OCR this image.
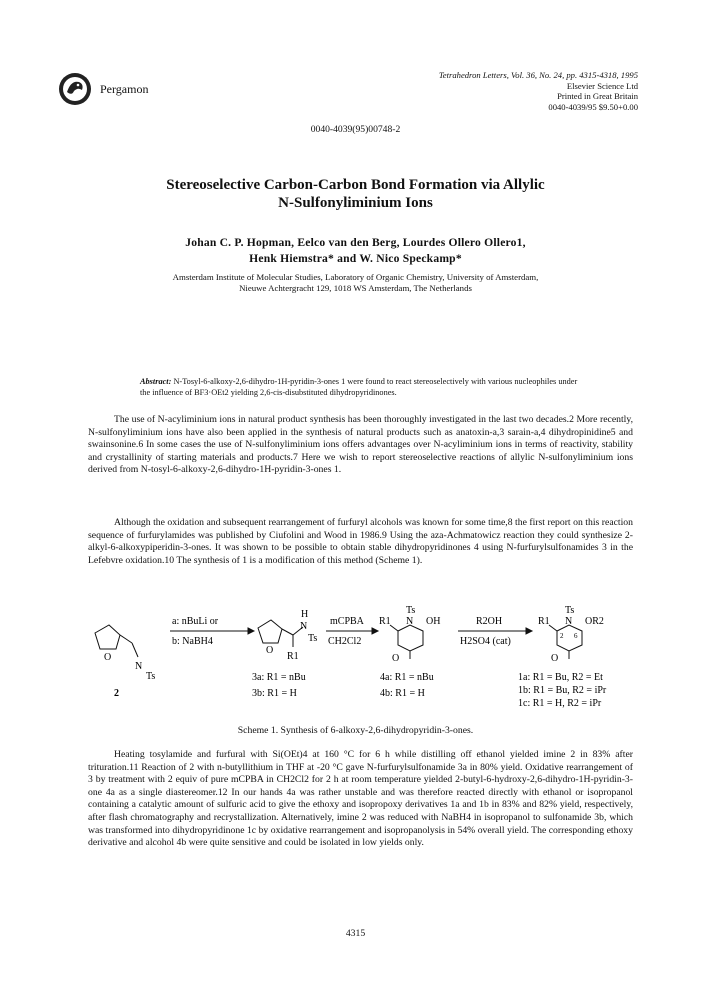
Pergamon
Tetrahedron Letters, Vol. 36, No. 24, pp. 4315-4318, 1995
Elsevier Science Ltd
Printed in Great Britain
0040-4039/95 $9.50+0.00
0040-4039(95)00748-2
Stereoselective Carbon-Carbon Bond Formation via Allylic
N-Sulfonyliminium Ions
Johan C. P. Hopman, Eelco van den Berg, Lourdes Ollero Ollero1,
Henk Hiemstra* and W. Nico Speckamp*
Amsterdam Institute of Molecular Studies, Laboratory of Organic Chemistry, University of Amsterdam,
Nieuwe Achtergracht 129, 1018 WS Amsterdam, The Netherlands
Abstract: N-Tosyl-6-alkoxy-2,6-dihydro-1H-pyridin-3-ones 1 were found to react stereoselectively with various nucleophiles under the influence of BF3·OEt2 yielding 2,6-cis-disubstituted dihydropyridinones.

The use of N-acyliminium ions in natural product synthesis has been thoroughly investigated in the last two decades.2 More recently, N-sulfonyliminium ions have also been applied in the synthesis of natural products such as anatoxin-a,3 sarain-a,4 dihydropinidine5 and swainsonine.6 In some cases the use of N-sulfonyliminium ions offers advantages over N-acyliminium ions in terms of reactivity, stability and crystallinity of starting materials and products.7 Here we wish to report stereoselective reactions of allylic N-sulfonyliminium ions derived from N-tosyl-6-alkoxy-2,6-dihydro-1H-pyridin-3-ones 1.

Although the oxidation and subsequent rearrangement of furfuryl alcohols was known for some time,8 the first report on this reaction sequence of furfurylamides was published by Ciufolini and Wood in 1986.9 Using the aza-Achmatowicz reaction they could synthesize 2-alkyl-6-alkoxypiperidin-3-ones. It was shown to be possible to obtain stable dihydropyridinones 4 using N-furfurylsulfonamides 3 in the Lefebvre oxidation.10 The synthesis of 1 is a modification of this method (Scheme 1).

O
N
Ts
2
a: nBuLi or
b: NaBH4
O
H
N
Ts
R1
3a: R1 = nBu
3b: R1 = H
mCPBA
CH2Cl2
R1
Ts
N OH
O
4a: R1 = nBu
4b: R1 = H
R2OH
H2SO4 (cat)
R1
Ts
N OR2
2 6
O
1a: R1 = Bu, R2 = Et
1b: R1 = Bu, R2 = iPr
1c: R1 = H, R2 = iPr
Scheme 1. Synthesis of 6-alkoxy-2,6-dihydropyridin-3-ones.

Heating tosylamide and furfural with Si(OEt)4 at 160 °C for 6 h while distilling off ethanol yielded imine 2 in 83% after trituration.11 Reaction of 2 with n-butyllithium in THF at -20 °C gave N-furfurylsulfonamide 3a in 80% yield. Oxidative rearrangement of 3 by treatment with 2 equiv of pure mCPBA in CH2Cl2 for 2 h at room temperature yielded 2-butyl-6-hydroxy-2,6-dihydro-1H-pyridin-3-one 4a as a single diastereomer.12 In our hands 4a was rather unstable and was therefore reacted directly with ethanol or isopropanol containing a catalytic amount of sulfuric acid to give the ethoxy and isopropoxy derivatives 1a and 1b in 83% and 82% yield, respectively, after flash chromatography and recrystallization. Alternatively, imine 2 was reduced with NaBH4 in isopropanol to sulfonamide 3b, which was transformed into dihydropyridinone 1c by oxidative rearrangement and isopropanolysis in 54% overall yield. The corresponding ethoxy derivative and alcohol 4b were quite sensitive and could be isolated in low yields only.

4315
